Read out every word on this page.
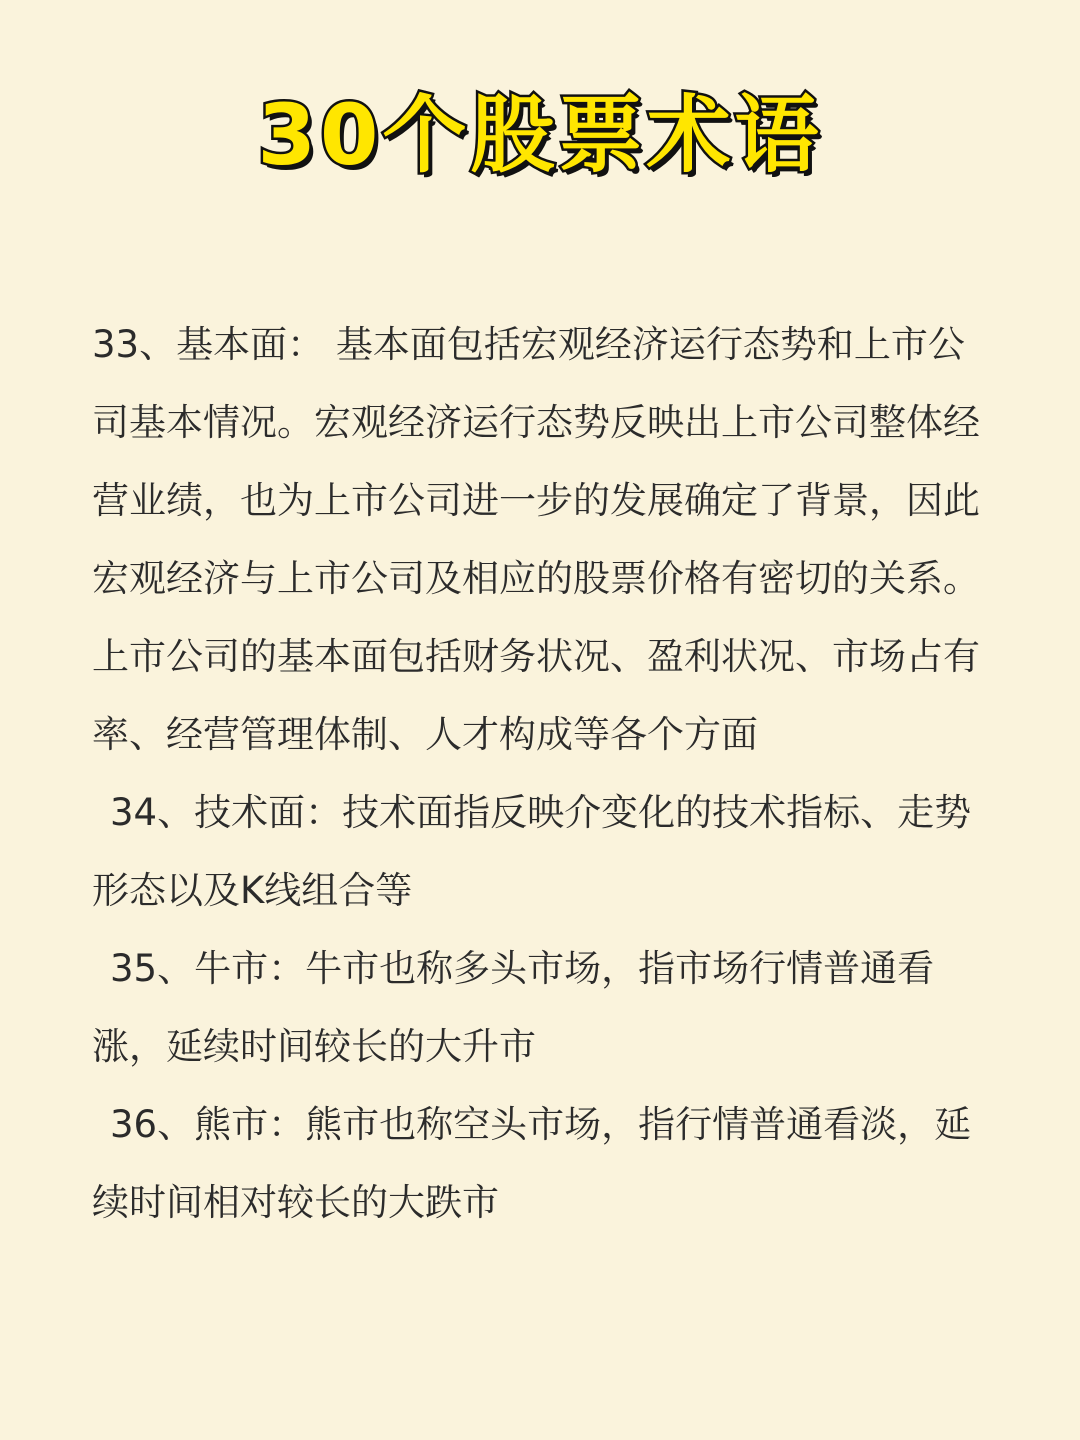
30个股票术语

33、基本面： 基本面包括宏观经济运行态势和上市公司基本情况。宏观经济运行态势反映出上市公司整体经营业绩，也为上市公司进一步的发展确定了背景，因此宏观经济与上市公司及相应的股票价格有密切的关系。上市公司的基本面包括财务状况、盈利状况、市场占有率、经营管理体制、人才构成等各个方面

34、技术面：技术面指反映介变化的技术指标、走势形态以及K线组合等

35、牛市：牛市也称多头市场，指市场行情普通看涨，延续时间较长的大升市

36、熊市：熊市也称空头市场，指行情普通看淡，延续时间相对较长的大跌市
